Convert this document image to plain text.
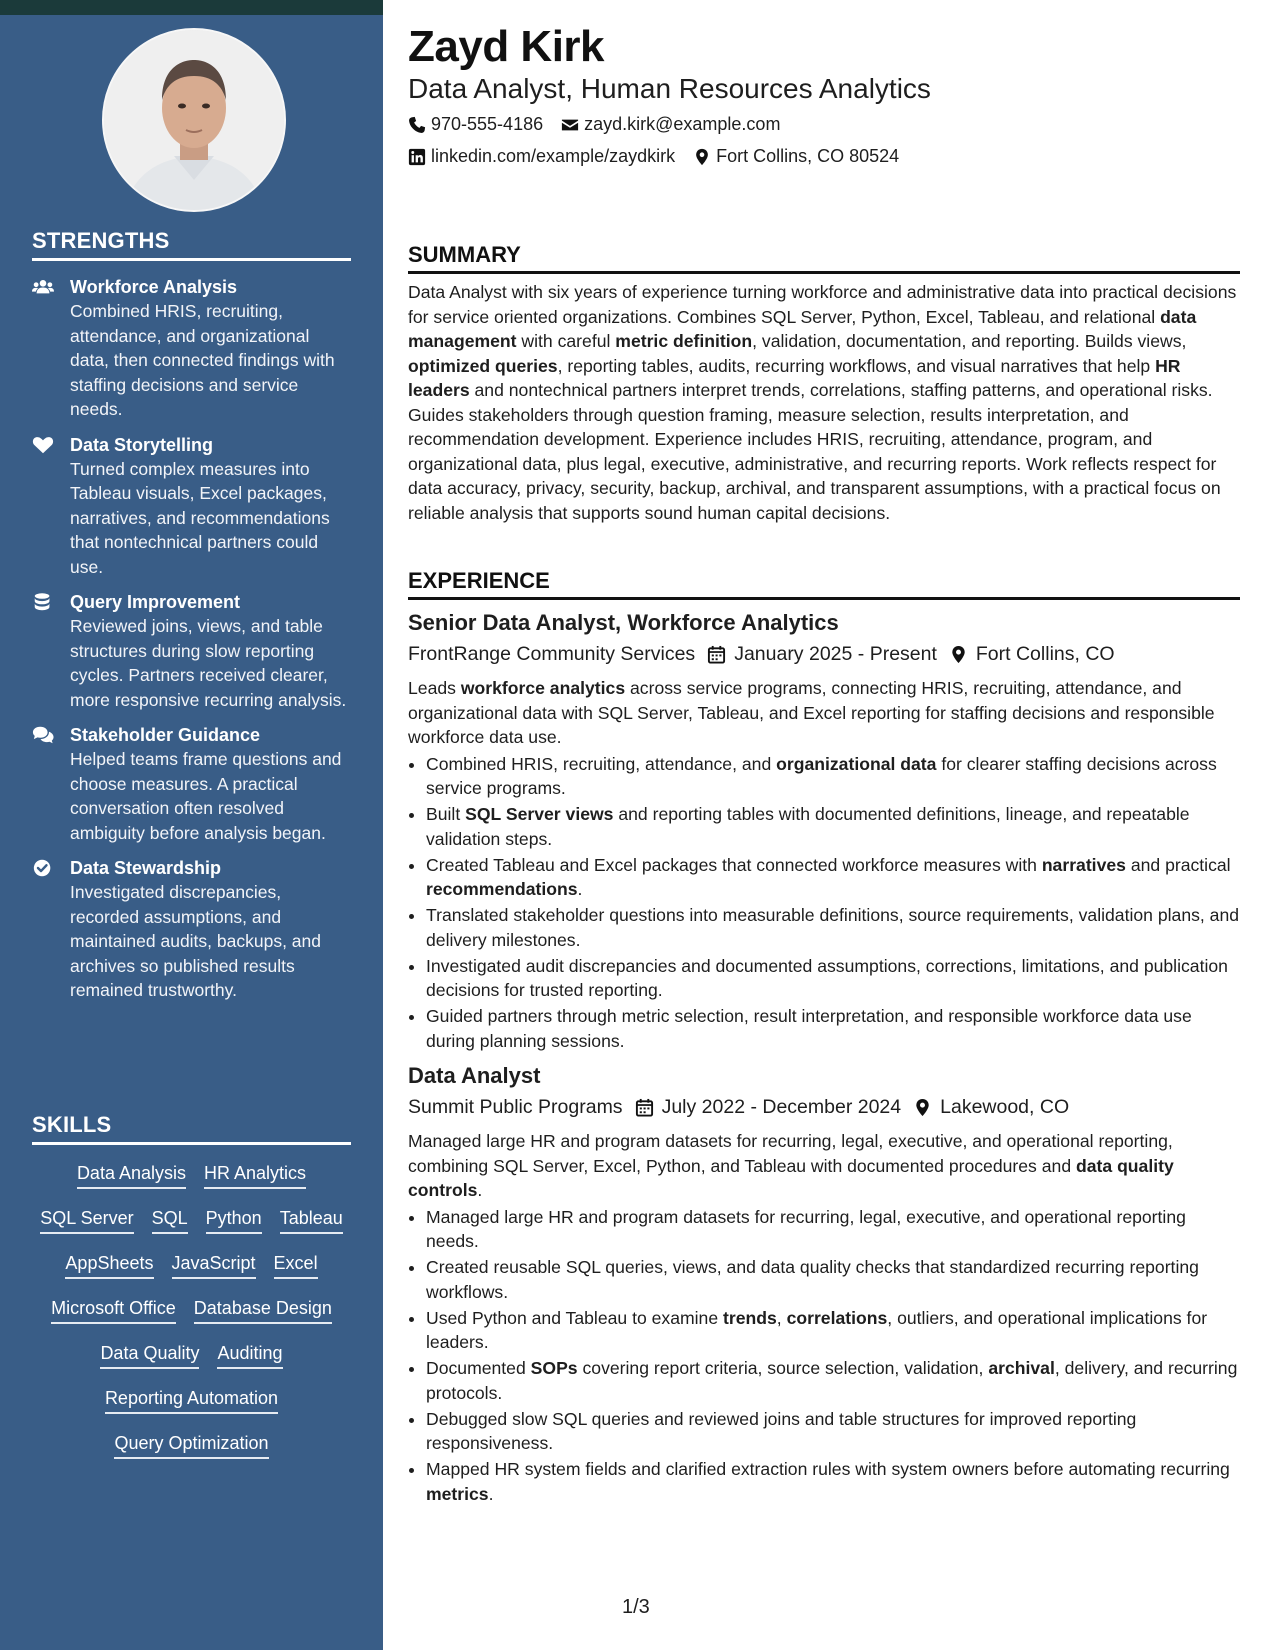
STRENGTHS
Workforce Analysis
Combined HRIS, recruiting, attendance, and organizational data, then connected findings with staffing decisions and service needs.
Data Storytelling
Turned complex measures into Tableau visuals, Excel packages, narratives, and recommendations that nontechnical partners could use.
Query Improvement
Reviewed joins, views, and table structures during slow reporting cycles. Partners received clearer, more responsive recurring analysis.
Stakeholder Guidance
Helped teams frame questions and choose measures. A practical conversation often resolved ambiguity before analysis began.
Data Stewardship
Investigated discrepancies, recorded assumptions, and maintained audits, backups, and archives so published results remained trustworthy.
SKILLS
Data Analysis HR Analytics
SQL Server SQL Python Tableau
AppSheets JavaScript Excel
Microsoft Office Database Design
Data Quality Auditing
Reporting Automation
Query Optimization
Zayd Kirk
Data Analyst, Human Resources Analytics
970-555-4186 zayd.kirk@example.com
linkedin.com/example/zaydkirk Fort Collins, CO 80524
SUMMARY

Data Analyst with six years of experience turning workforce and administrative data into practical decisions for service oriented organizations. Combines SQL Server, Python, Excel, Tableau, and relational data management with careful metric definition, validation, documentation, and reporting. Builds views, optimized queries, reporting tables, audits, recurring workflows, and visual narratives that help HR leaders and nontechnical partners interpret trends, correlations, staffing patterns, and operational risks. Guides stakeholders through question framing, measure selection, results interpretation, and recommendation development. Experience includes HRIS, recruiting, attendance, program, and organizational data, plus legal, executive, administrative, and recurring reports. Work reflects respect for data accuracy, privacy, security, backup, archival, and transparent assumptions, with a practical focus on reliable analysis that supports sound human capital decisions.

EXPERIENCE
Senior Data Analyst, Workforce Analytics
FrontRange Community Services January 2025 - Present Fort Collins, CO

Leads workforce analytics across service programs, connecting HRIS, recruiting, attendance, and organizational data with SQL Server, Tableau, and Excel reporting for staffing decisions and responsible workforce data use.

• Combined HRIS, recruiting, attendance, and organizational data for clearer staffing decisions across service programs.
• Built SQL Server views and reporting tables with documented definitions, lineage, and repeatable validation steps.
• Created Tableau and Excel packages that connected workforce measures with narratives and practical recommendations.
• Translated stakeholder questions into measurable definitions, source requirements, validation plans, and delivery milestones.
• Investigated audit discrepancies and documented assumptions, corrections, limitations, and publication decisions for trusted reporting.
• Guided partners through metric selection, result interpretation, and responsible workforce data use during planning sessions.
Data Analyst
Summit Public Programs July 2022 - December 2024 Lakewood, CO

Managed large HR and program datasets for recurring, legal, executive, and operational reporting, combining SQL Server, Excel, Python, and Tableau with documented procedures and data quality controls.

• Managed large HR and program datasets for recurring, legal, executive, and operational reporting needs.
• Created reusable SQL queries, views, and data quality checks that standardized recurring reporting workflows.
• Used Python and Tableau to examine trends, correlations, outliers, and operational implications for leaders.
• Documented SOPs covering report criteria, source selection, validation, archival, delivery, and recurring protocols.
• Debugged slow SQL queries and reviewed joins and table structures for improved reporting responsiveness.
• Mapped HR system fields and clarified extraction rules with system owners before automating recurring metrics.
1/3
